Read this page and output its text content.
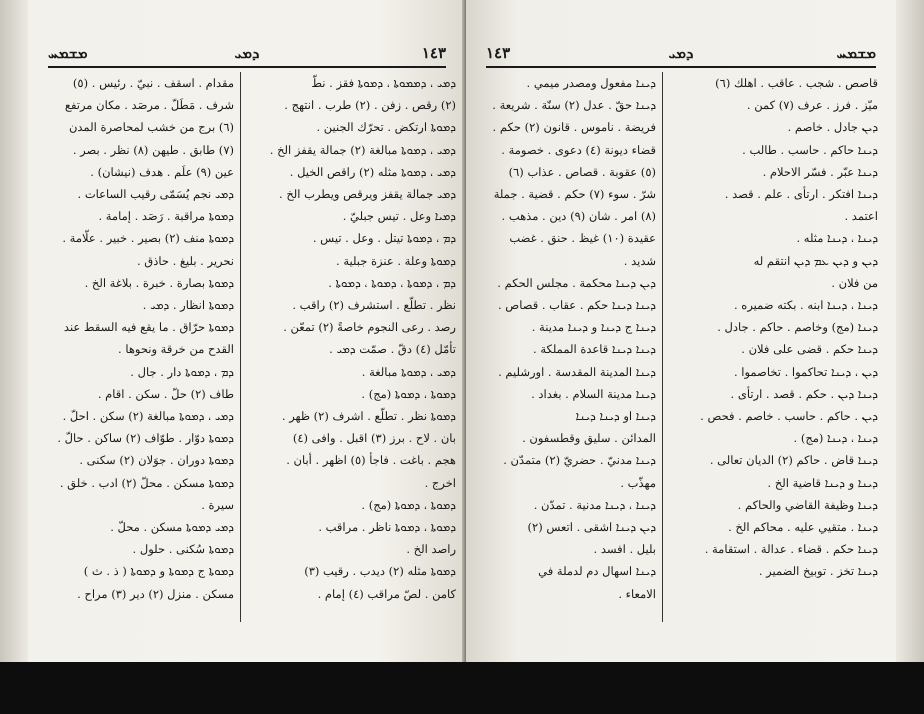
ܡܫܡܚ	ܕܡܝ	١٤٣
ܕܡܝ ، ܕܡܡܘܬܐ ، ܕܡܘܬܐ فقز . نطّ
(٢) رقص . زفن . (٢) طرب . انتهج .
ܕܡܘܬܐ ارتكض . تحرّك الجنين .
ܕܡܝ ، ܕܡܘܬܐ مبالغة (٢) جمالة يقفز الخ .
ܕܡܝ ، ܕܡܘܬܐ مثله (٢) راقص الخيل .
ܕܡܝ جمالة يقفز ويرقص ويطرب الخ .
ܕܡܝܐ وعل . تيس جبليّ .
ܕܡ ، ܕܡܘܬܐ تيتل . وعل . تيس .
ܕܡܘܬܐ وعلة . عنزة جبلية .
ܕܡ ، ܕܡܘܬܐ ، ܕܡܘܬܐ ، ܕܡܘܬܐ .
نظر . تطلّع . استشرف (٢) راقب .
رصد . رعى النجوم خاصةً (٢) تمعّن .
تأمّل (٤) دقّ . صمّت ܕܡܝ .
ܕܡܝ ، ܕܡܘܬܐ مبالغة .
ܕܡܘܬܐ ، ܕܡܘܬܐ (مج) .
ܕܡܘܬܐ نظر . تطلّع . اشرف (٢) ظهر .
بان . لاح . برز (٣) اقبل . وافى (٤)
هجم . باغت . فاجأ (٥) اظهر . أبان .
اخرج .
ܕܡܘܬܐ ، ܕܡܘܬܐ (مج) .
ܕܡܘܬܐ ، ܕܡܘܬܐ ناظر . مراقب .
راصد الخ .
ܕܡܘܬܐ مثله (٢) ديدب . رقيب (٣)
كامن . لصّ مراقب (٤) إمام .
مقدام . اسقف . نبيّ . رئيس . (٥)
شرف . مَطَلّ . مرصَد . مكان مرتفع
(٦) برج من خشب لمحاصرة المدن
(٧) طابق . طيهن (٨) نظر . بصر .
عين (٩) علَم . هدف (نيشان) .
ܕܡܝ نجم يُسَمّى رقيب الساعات .
ܕܡܘܬܐ مراقبة . رَصَد . إمامة .
ܕܡܘܬܐ منف (٢) بصير . خبير . علّامة .
نحرير . بليغ . حاذق .
ܕܡܘܬܐ بصارة . خبرة . بلاغة الخ .
ܕܡܘܬܐ انظار . ܕܡܝ .
ܕܡܘܬܐ حرّاق . ما يقع فيه السقط عند
القدح من خرقة ونحوها .
ܕܡ ، ܕܡܘܬܐ دار . جال .
طاف (٢) حلّ . سكن . اقام .
ܕܡܝ ، ܕܡܘܬܐ مبالغة (٢) سكن . احلّ .
ܕܡܘܬܐ دوّار . طوّاف (٢) ساكن . حالّ .
ܕܡܘܬܐ دوران . جوَلان (٢) سكنى .
ܕܡܘܬܐ مسكن . محلّ (٢) ادب . خلق .
سيرة .
ܕܡܝ ܕܡܘܬܐ مسكن . محلّ .
ܕܡܘܬܐ سُكنى . حلول .
ܕܡܘܬܐ ج ܕܡܘܬܐ و ܕܡܘܬܐ ( ذ . ث )
مسكن . منزل (٢) دير (٣) مراح .
١٤٣	ܕܡܝ	ܡܫܡܚ
قاصص . شجب . عاقب . اهلك (٦)
ميّز . فرز . عرف (٧) كمن .
ܕܝܢ جادل . خاصم .
ܕܝܢܐ حاكم . حاسب . طالب .
ܕܝܢܐ عبّر . فسّر الاحلام .
ܕܝܢܐ افتكر . ارتأى . علم . قصد .
اعتمد .
ܕܝܢܐ ، ܕܝܢܐ مثله .
ܕܝܢ و ܕܝܢ ܥܡ ܕܝܢ انتقم له
من فلان .
ܕܝܢܐ ، ܕܝܢܐ ابنه . بكته ضميره .
ܕܝܢܐ (مج) وخاصم . حاكم . جادل .
ܕܝܢܐ حكم . قضى على فلان .
ܕܝܢ ، ܕܝܢܐ تحاكموا . تخاصموا .
ܕܝܢܐ ܕܝܢ . حكم . قصد . ارتأى .
ܕܝܢ . حاكم . حاسب . خاصم . فحص .
ܕܝܢܐ ، ܕܝܢܐ (مج) .
ܕܝܢܐ قاض . حاكم (٢) الديان تعالى .
ܕܝܢܐ و ܕܝܢܐ قاضية الخ .
ܕܝܢܐ وظيفة القاضي والحاكم .
ܕܝܢܐ . متقيي عليه . محاكم الخ .
ܕܝܢܐ حكم . قضاء . عدالة . استقامة .
ܕܝܢܐ تخز . توبيخ الضمير .
ܕܝܢܐ مفعول ومصدر ميمي .
ܕܝܢܐ حقّ . عدل (٢) سنّة . شريعة .
فريضة . ناموس . قانون (٢) حكم .
قضاء ديونة (٤) دعوى . خصومة .
(٥) عقوبة . قصاص . عذاب (٦)
شرّ . سوء (٧) حكم . قضية . جملة
(٨) امر . شان (٩) دين . مذهب .
عقيدة (١٠) غيظ . حنق . غضب
شديد .
ܕܝܢ ܕܝܢܐ محكمة . مجلس الحكم .
ܕܝܢܐ ܕܝܢܐ حكم . عقاب . قصاص .
ܕܝܢܐ ج ܕܝܢܐ و ܕܝܢܐ مدينة .
ܕܝܢܐ ܕܝܢܐ قاعدة المملكة .
ܕܝܢܐ المدينة المقدسة . اورشليم .
ܕܝܢܐ مدينة السلام . بغداد .
ܕܝܢܐ او ܕܝܢܐ ܕܝܢܐ
المدائن . سليق وقطسفون .
ܕܝܢܐ مدنيّ . حضريّ (٢) متمدّن .
مهذّب .
ܕܝܢܐ ، ܕܝܢܐ مدنية . تمدّن .
ܕܝܢ ܕܝܢܐ اشقى . اتعس (٢)
بليل . افسد .
ܕܝܢܐ اسهال دم لدملة في
الامعاء .
